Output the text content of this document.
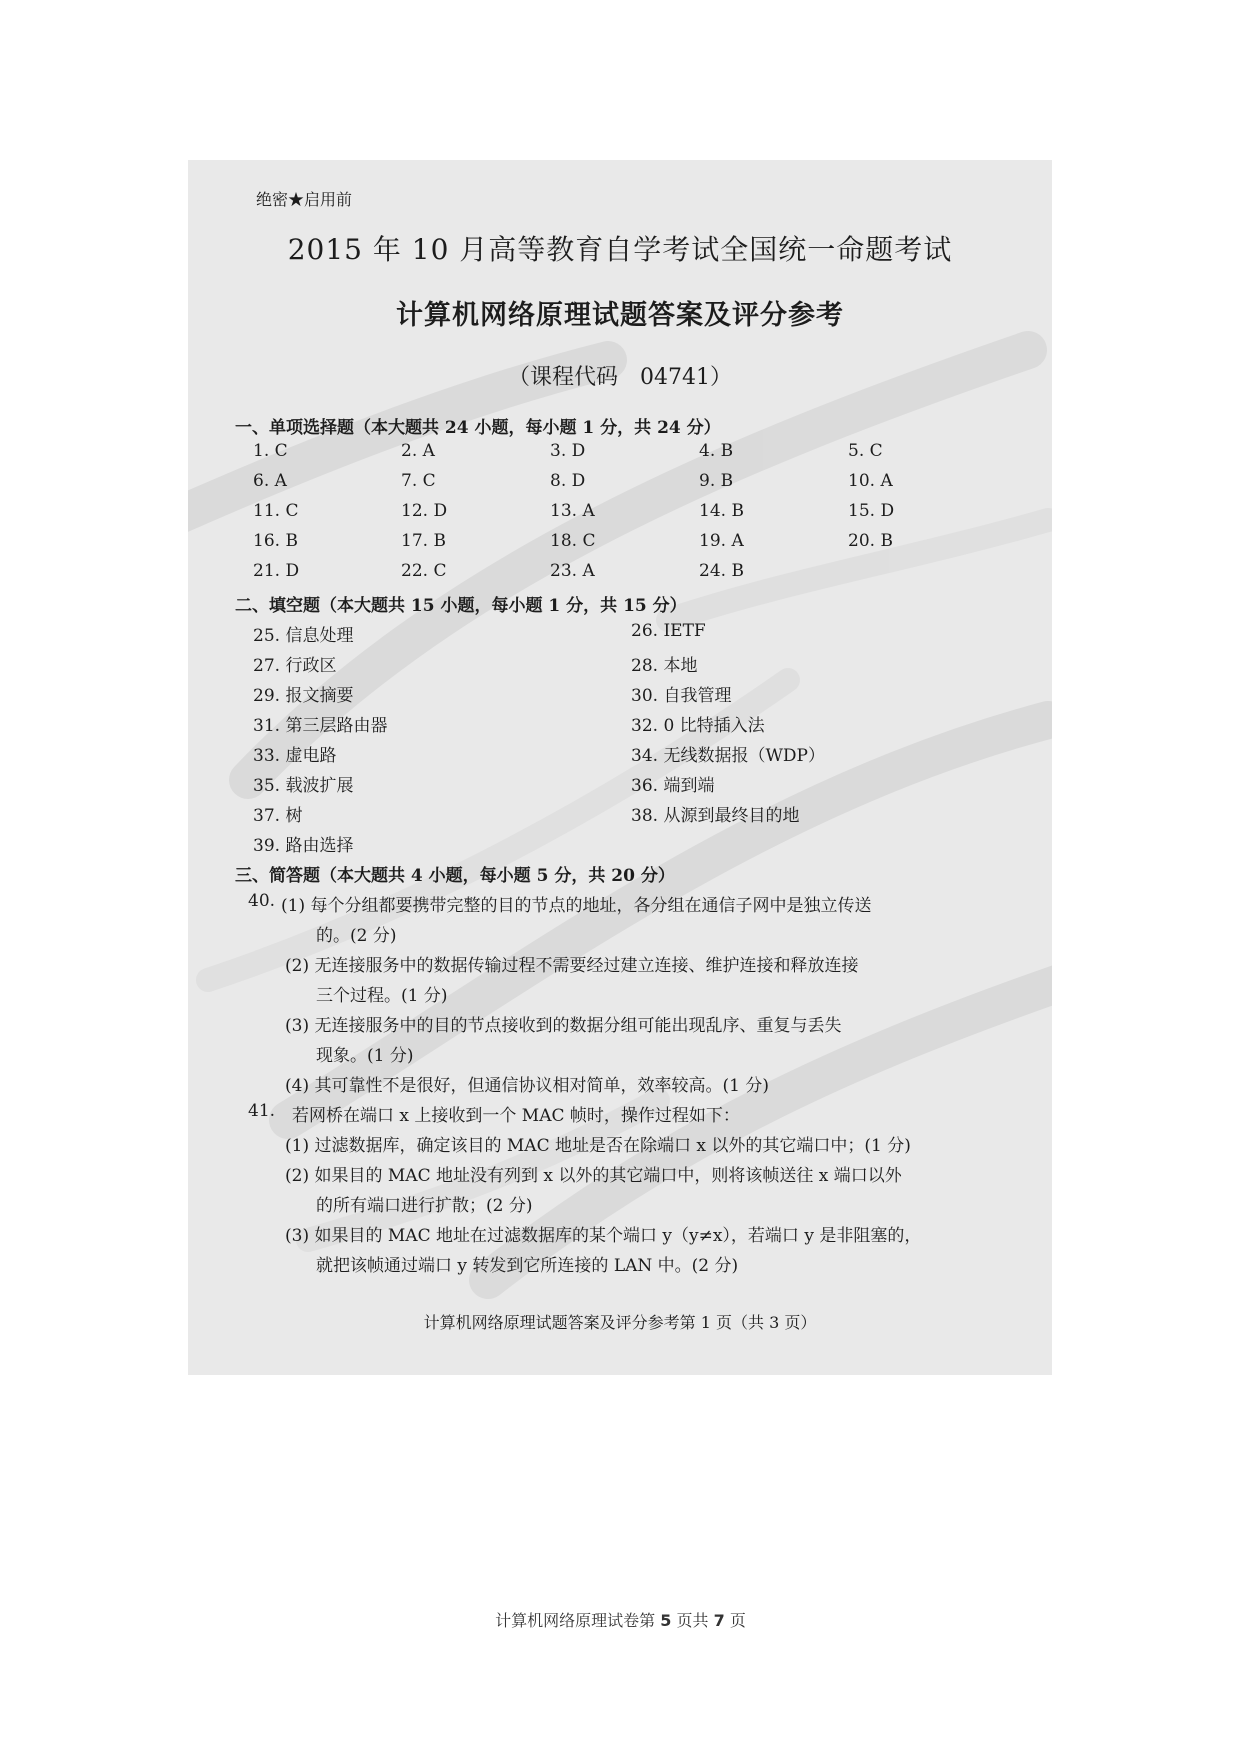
绝密★启用前
2015 年 10 月高等教育自学考试全国统一命题考试
计算机网络原理试题答案及评分参考
（课程代码　04741）
一、单项选择题（本大题共 24 小题，每小题 1 分，共 24 分）
1. C	2. A	3. D	4. B	5. C
6. A	7. C	8. D	9. B	10. A
11. C	12. D	13. A	14. B	15. D
16. B	17. B	18. C	19. A	20. B
21. D	22. C	23. A	24. B
二、填空题（本大题共 15 小题，每小题 1 分，共 15 分）
25. 信息处理	26. IETF
27. 行政区	28. 本地
29. 报文摘要	30. 自我管理
31. 第三层路由器	32. 0 比特插入法
33. 虚电路	34. 无线数据报（WDP）
35. 载波扩展	36. 端到端
37. 树	38. 从源到最终目的地
39. 路由选择
三、简答题（本大题共 4 小题，每小题 5 分，共 20 分）
40. (1) 每个分组都要携带完整的目的节点的地址，各分组在通信子网中是独立传送
的。(2 分)
(2) 无连接服务中的数据传输过程不需要经过建立连接、维护连接和释放连接
三个过程。(1 分)
(3) 无连接服务中的目的节点接收到的数据分组可能出现乱序、重复与丢失
现象。(1 分)
(4) 其可靠性不是很好，但通信协议相对简单，效率较高。(1 分)
41. 若网桥在端口 x 上接收到一个 MAC 帧时，操作过程如下：
(1) 过滤数据库，确定该目的 MAC 地址是否在除端口 x 以外的其它端口中；(1 分)
(2) 如果目的 MAC 地址没有列到 x 以外的其它端口中，则将该帧送往 x 端口以外
的所有端口进行扩散；(2 分)
(3) 如果目的 MAC 地址在过滤数据库的某个端口 y（y≠x），若端口 y 是非阻塞的，
就把该帧通过端口 y 转发到它所连接的 LAN 中。(2 分)
计算机网络原理试题答案及评分参考第 1 页（共 3 页）
计算机网络原理试卷第 5 页共 7 页
